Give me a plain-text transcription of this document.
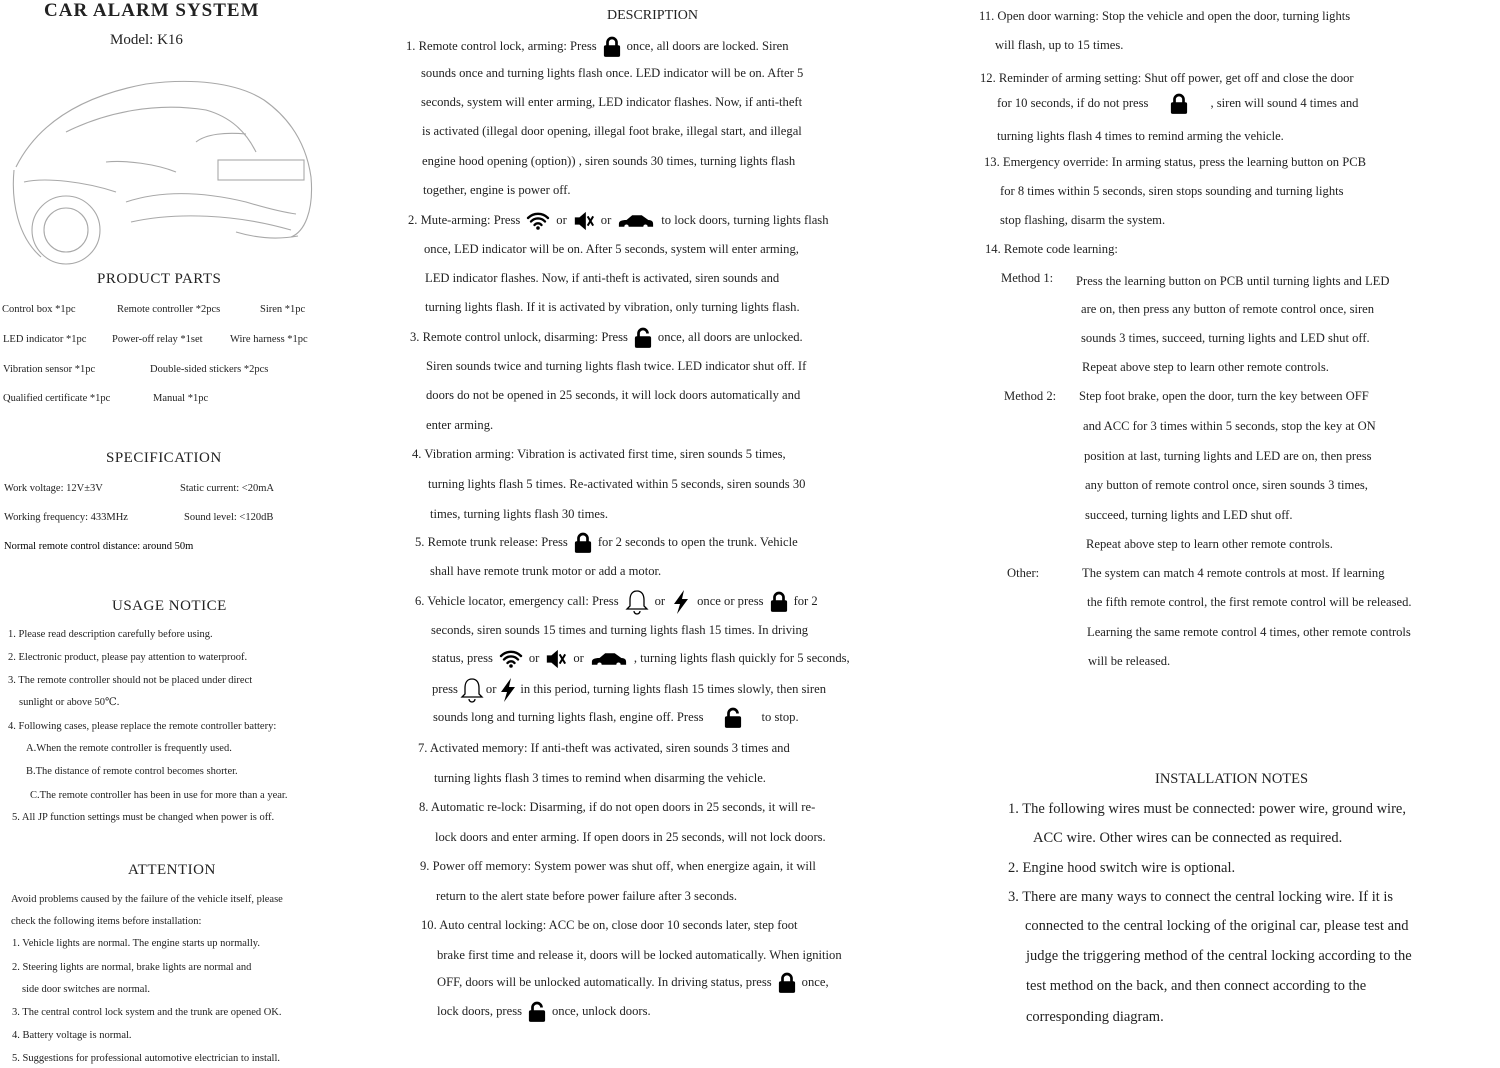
CAR ALARM SYSTEM
Model: K16
PRODUCT PARTS
Control box *1pc	Remote controller *2pcs	Siren *1pc
LED indicator *1pc Power-off relay *1set	Wire harness *1pc
Vibration sensor *1pc	Double-sided stickers *2pcs
Qualified certificate *1pc	Manual *1pc
SPECIFICATION
Work voltage: 12V±3V	Static current: <20mA
Working frequency: 433MHz	Sound level: <120dB
Normal remote control distance: around 50m
USAGE NOTICE
1. Please read description carefully before using.
2. Electronic product, please pay attention to waterproof.
3. The remote controller should not be placed under direct
sunlight or above 50℃.
4. Following cases, please replace the remote controller battery:
A.When the remote controller is frequently used.
B.The distance of remote control becomes shorter.
C.The remote controller has been in use for more than a year.
5. All JP function settings must be changed when power is off.
ATTENTION
Avoid problems caused by the failure of the vehicle itself, please
check the following items before installation:
1. Vehicle lights are normal. The engine starts up normally.
2. Steering lights are normal, brake lights are normal and
side door switches are normal.
3. The central control lock system and the trunk are opened OK.
4. Battery voltage is normal.
5. Suggestions for professional automotive electrician to install.
DESCRIPTION
1. Remote control lock, arming: Press once, all doors are locked. Siren
sounds once and turning lights flash once. LED indicator will be on. After 5
seconds, system will enter arming, LED indicator flashes. Now, if anti-theft
is activated (illegal door opening, illegal foot brake, illegal start, and illegal
engine hood opening (option)) , siren sounds 30 times, turning lights flash
together, engine is power off.
2. Mute-arming: Press	or	or	to lock doors, turning lights flash
once, LED indicator will be on. After 5 seconds, system will enter arming,
LED indicator flashes. Now, if anti-theft is activated, siren sounds and
turning lights flash. If it is activated by vibration, only turning lights flash.
3. Remote control unlock, disarming: Press once, all doors are unlocked.
Siren sounds twice and turning lights flash twice. LED indicator shut off. If
doors do not be opened in 25 seconds, it will lock doors automatically and
enter arming.
4. Vibration arming: Vibration is activated first time, siren sounds 5 times,
turning lights flash 5 times. Re-activated within 5 seconds, siren sounds 30
times, turning lights flash 30 times.
5. Remote trunk release: Press for 2 seconds to open the trunk. Vehicle
shall have remote trunk motor or add a motor.
6. Vehicle locator, emergency call: Press	or	once or press for 2
seconds, siren sounds 15 times and turning lights flash 15 times. In driving
status, press	or	or	, turning lights flash quickly for 5 seconds,
press or in this period, turning lights flash 15 times slowly, then siren
sounds long and turning lights flash, engine off. Press	to stop.
7. Activated memory: If anti-theft was activated, siren sounds 3 times and
turning lights flash 3 times to remind when disarming the vehicle.
8. Automatic re-lock: Disarming, if do not open doors in 25 seconds, it will re-
lock doors and enter arming. If open doors in 25 seconds, will not lock doors.
9. Power off memory: System power was shut off, when energize again, it will
return to the alert state before power failure after 3 seconds.
10. Auto central locking: ACC be on, close door 10 seconds later, step foot
brake first time and release it, doors will be locked automatically. When ignition
OFF, doors will be unlocked automatically. In driving status, press once,
lock doors, press once, unlock doors.
11. Open door warning: Stop the vehicle and open the door, turning lights
will flash, up to 15 times.
12. Reminder of arming setting: Shut off power, get off and close the door
for 10 seconds, if do not press	, siren will sound 4 times and
turning lights flash 4 times to remind arming the vehicle.
13. Emergency override: In arming status, press the learning button on PCB
for 8 times within 5 seconds, siren stops sounding and turning lights
stop flashing, disarm the system.
14. Remote code learning:
Method 1: Press the learning button on PCB until turning lights and LED
are on, then press any button of remote control once, siren
sounds 3 times, succeed, turning lights and LED shut off.
Repeat above step to learn other remote controls.
Method 2: Step foot brake, open the door, turn the key between OFF
and ACC for 3 times within 5 seconds, stop the key at ON
position at last, turning lights and LED are on, then press
any button of remote control once, siren sounds 3 times,
succeed, turning lights and LED shut off.
Repeat above step to learn other remote controls.
Other:	The system can match 4 remote controls at most. If learning
the fifth remote control, the first remote control will be released.
Learning the same remote control 4 times, other remote controls
will be released.
INSTALLATION NOTES
1. The following wires must be connected: power wire, ground wire,
ACC wire. Other wires can be connected as required.
2. Engine hood switch wire is optional.
3. There are many ways to connect the central locking wire. If it is
connected to the central locking of the original car, please test and
judge the triggering method of the central locking according to the
test method on the back, and then connect according to the
corresponding diagram.
